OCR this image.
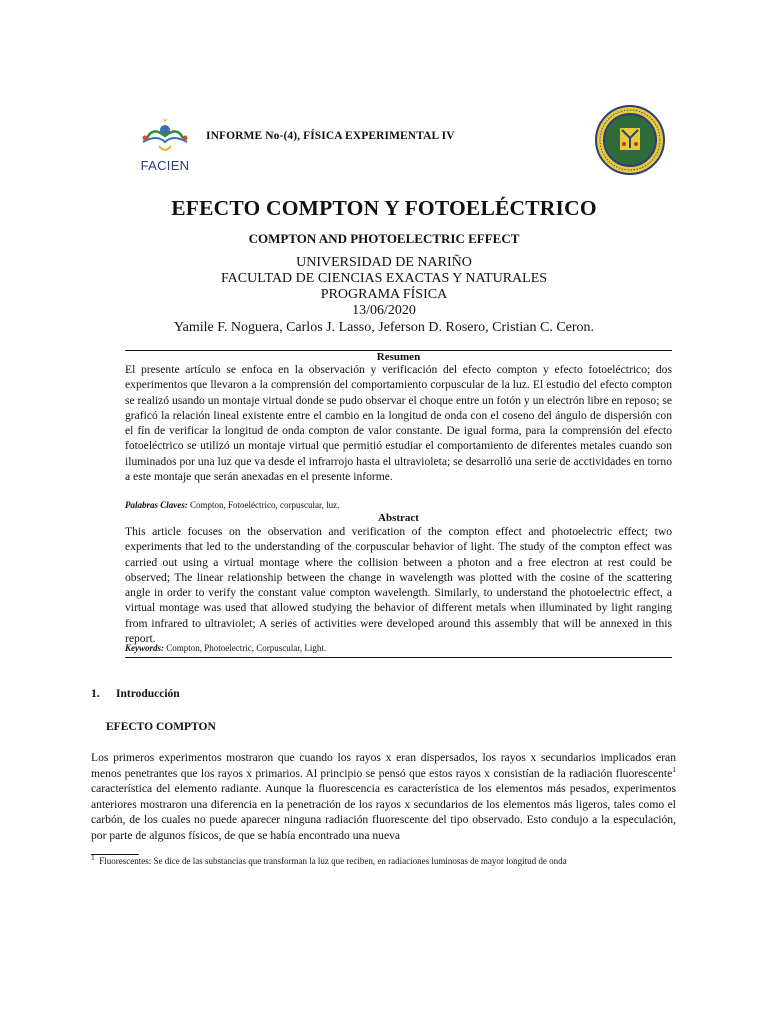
FACIEN
INFORME No-(4), FÍSICA EXPERIMENTAL IV
EFECTO COMPTON Y FOTOELÉCTRICO
COMPTON AND PHOTOELECTRIC EFFECT
UNIVERSIDAD DE NARIÑO
FACULTAD DE CIENCIAS EXACTAS Y NATURALES
PROGRAMA FÍSICA
13/06/2020
Yamile F. Noguera, Carlos J. Lasso, Jeferson D. Rosero, Cristian C. Ceron.
Resumen
El presente artículo se enfoca en la observación y verificación del efecto compton y efecto fotoeléctrico; dos experimentos que llevaron a la comprensión del comportamiento corpuscular de la luz. El estudio del efecto compton se realizó usando un montaje virtual donde se pudo observar el choque entre un fotón y un electrón libre en reposo; se graficó la relación lineal existente entre el cambio en la longitud de onda con el coseno del ángulo de dispersión con el fín de verificar la longitud de onda compton de valor constante. De igual forma, para la comprensión del efecto fotoeléctrico se utilizó un montaje virtual que permitió estudiar el comportamiento de diferentes metales cuando son iluminados por una luz que va desde el infrarrojo hasta el ultravioleta; se desarrolló una serie de acctividades en torno a este montaje que serán anexadas en el presente informe.
Palabras Claves: Compton, Fotoeléctrico, corpuscular, luz.
Abstract
This article focuses on the observation and verification of the compton effect and photoelectric effect; two experiments that led to the understanding of the corpuscular behavior of light. The study of the compton effect was carried out using a virtual montage where the collision between a photon and a free electron at rest could be observed; The linear relationship between the change in wavelength was plotted with the cosine of the scattering angle in order to verify the constant value compton wavelength. Similarly, to understand the photoelectric effect, a virtual montage was used that allowed studying the behavior of different metals when illuminated by light ranging from infrared to ultraviolet; A series of activities were developed around this assembly that will be annexed in this report.
Keywords: Compton, Photoelectric, Corpuscular, Light.
1. Introducción
EFECTO COMPTON
Los primeros experimentos mostraron que cuando los rayos x eran dispersados, los rayos x secundarios implicados eran menos penetrantes que los rayos x primarios. Al principio se pensó que estos rayos x consistían de la radiación fluorescente$^1$ característica del elemento radiante. Aunque la fluorescencia es característica de los elementos más pesados, experimentos anteriores mostraron una diferencia en la penetración de los rayos x secundarios de los elementos más ligeros, tales como el carbón, de los cuales no puede aparecer ninguna radiación fluorescente del tipo observado. Esto condujo a la especulación, por parte de algunos físicos, de que se había encontrado una nueva
$^1$ Fluorescentes: Se dice de las substancias que transforman la luz que reciben, en radiaciones luminosas de mayor longitud de onda
